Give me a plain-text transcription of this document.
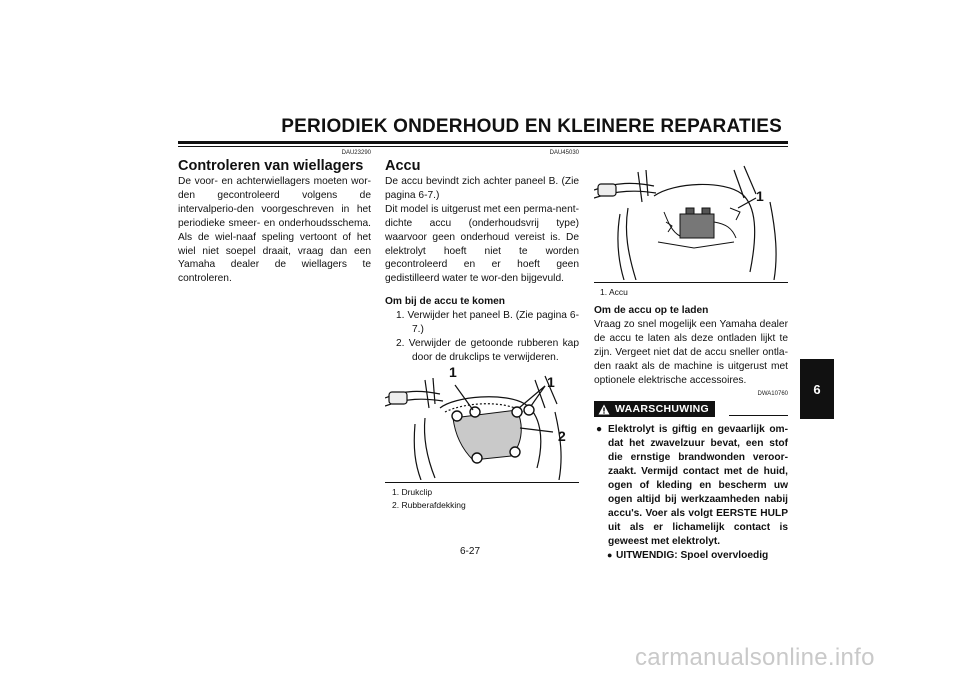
PERIODIEK ONDERHOUD EN KLEINERE REPARATIES
6
DAU23290
Controleren van wiellagers
De voor- en achterwiellagers moeten wor-den gecontroleerd volgens de intervalperio-den voorgeschreven in het periodieke smeer- en onderhoudsschema. Als de wiel-naaf speling vertoont of het wiel niet soepel draait, vraag dan een Yamaha dealer de wiellagers te controleren.
DAU45030
Accu
De accu bevindt zich achter paneel B. (Zie pagina 6-7.)
Dit model is uitgerust met een perma-nent-dichte accu (onderhoudsvrij type) waarvoor geen onderhoud vereist is. De elektrolyt hoeft niet te worden gecontroleerd en er hoeft geen gedistilleerd water te wor-den bijgevuld.
Om bij de accu te komen
1. Verwijder het paneel B. (Zie pagina 6-7.)
2. Verwijder de getoonde rubberen kap door de drukclips te verwijderen.
1
1
2
1. Drukclip
2. Rubberafdekking
1
1. Accu
Om de accu op te laden
Vraag zo snel mogelijk een Yamaha dealer de accu te laten als deze ontladen lijkt te zijn. Vergeet niet dat de accu sneller ontla-den raakt als de machine is uitgerust met optionele elektrische accessoires.
DWA10760
WAARSCHUWING
● Elektrolyt is giftig en gevaarlijk om-dat het zwavelzuur bevat, een stof die ernstige brandwonden veroor-zaakt. Vermijd contact met de huid, ogen of kleding en bescherm uw ogen altijd bij werkzaamheden nabij accu's. Voer als volgt EERSTE HULP uit als er lichamelijk contact is geweest met elektrolyt.
● UITWENDIG: Spoel overvloedig
6-27
carmanualsonline.info
